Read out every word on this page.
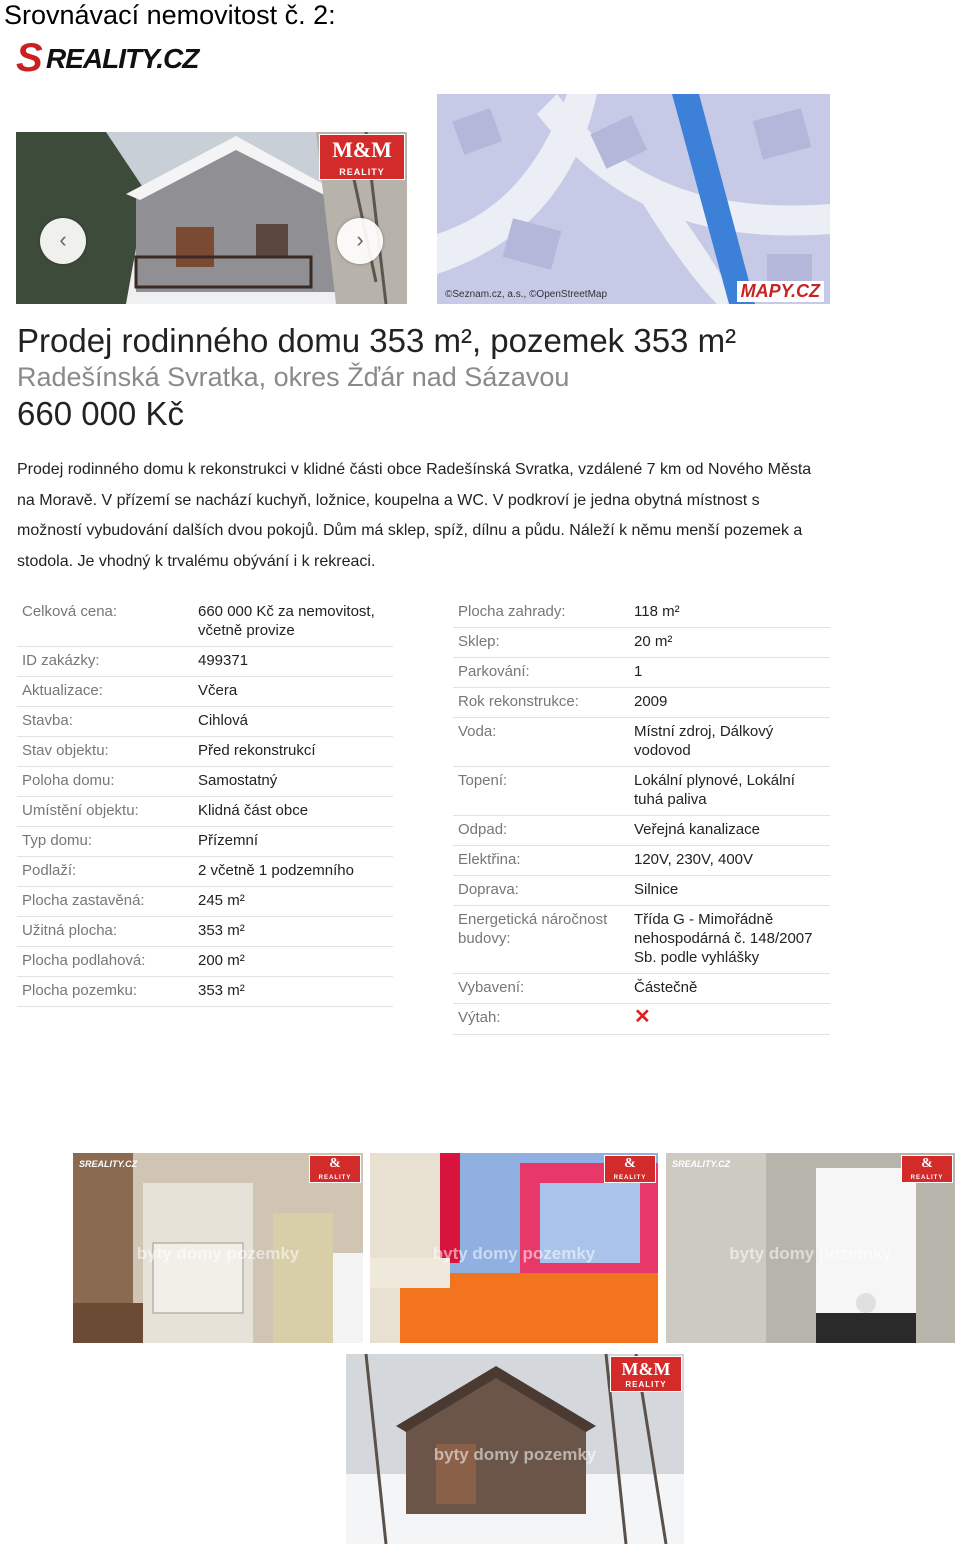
Srovnávací nemovitost č. 2:
S REALITY.CZ
M&M
REALITY
‹	›
©Seznam.cz, a.s., ©OpenStreetMap	MAPY.CZ
Prodej rodinného domu 353 m², pozemek 353 m²
Radešínská Svratka, okres Žďár nad Sázavou
660 000 Kč
Prodej rodinného domu k rekonstrukci v klidné části obce Radešínská Svratka, vzdálené 7 km od Nového Města na Moravě. V přízemí se nachází kuchyň, ložnice, koupelna a WC. V podkroví je jedna obytná místnost s možností vybudování dalších dvou pokojů. Dům má sklep, spíž, dílnu a půdu. Náleží k němu menší pozemek a stodola. Je vhodný k trvalému obývání i k rekreaci.
Celková cena:	660 000 Kč za nemovitost, včetně provize
ID zakázky:	499371
Aktualizace:	Včera
Stavba:	Cihlová
Stav objektu:	Před rekonstrukcí
Poloha domu:	Samostatný
Umístění objektu:	Klidná část obce
Typ domu:	Přízemní
Podlaží:	2 včetně 1 podzemního
Plocha zastavěná:	245 m²
Užitná plocha:	353 m²
Plocha podlahová:	200 m²
Plocha pozemku:	353 m²
Plocha zahrady:	118 m²
Sklep:	20 m²
Parkování:	1
Rok rekonstrukce:	2009
Voda:	Místní zdroj, Dálkový vodovod
Topení:	Lokální plynové, Lokální tuhá paliva
Odpad:	Veřejná kanalizace
Elektřina:	120V, 230V, 400V
Doprava:	Silnice
Energetická náročnost budovy:	Třída G - Mimořádně nehospodárná č. 148/2007 Sb. podle vyhlášky
Vybavení:	Částečně
Výtah:	✕
SREALITY.CZ	&
REALITY
byty domy pozemky
&
REALITY
byty domy pozemky
SREALITY.CZ	&
REALITY
byty domy pozemky
M&M
REALITY
byty domy pozemky
